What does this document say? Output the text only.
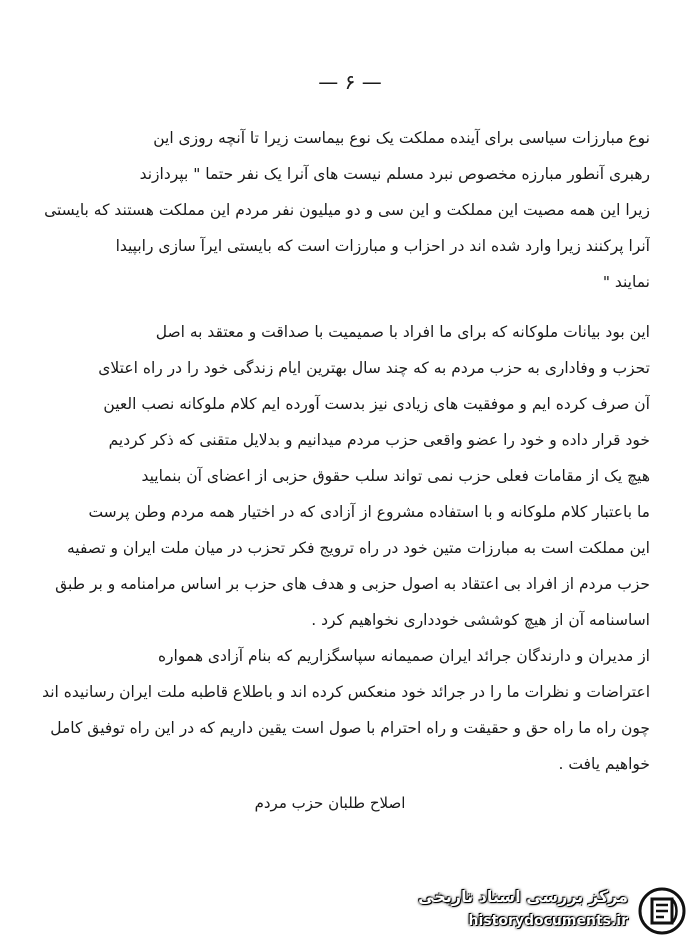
— ۶ —
نوع مبارزات سیاسی برای آینده مملکت یک نوع بیماست زیرا تا آنچه روزی این
رهبری آنطور مبارزه مخصوص نبرد مسلم نیست های آنرا یک نفر حتما " بپردازند
زیرا این همه مصیت این مملکت و این سی و دو میلیون نفر مردم این مملکت هستند که بایستی
آنرا پرکنند زیرا وارد شده اند در احزاب و مبارزات است که بایستی ایرآ سازی رابپیدا
نمایند "
این بود بیانات ملوکانه که برای ما افراد با صمیمیت با صداقت و معتقد به اصل
تحزب و وفاداری به حزب مردم به که چند سال بهترین ایام زندگی خود را در راه اعتلای
آن صرف کرده ایم و موفقیت های زیادی نیز بدست آورده ایم کلام ملوکانه نصب العین
خود قرار داده و خود را عضو واقعی حزب مردم میدانیم و بدلایل متقنی که ذکر کردیم
هیچ یک از مقامات فعلی حزب نمی تواند سلب حقوق حزبی از اعضای آن بنمایید
ما باعتبار کلام ملوکانه و با استفاده مشروع از آزادی که در اختیار همه مردم وطن پرست
این مملکت است به مبارزات متین خود در راه ترویج فکر تحزب در میان ملت ایران و تصفیه
حزب مردم از افراد بی اعتقاد به اصول حزبی و هدف های حزب بر اساس مرامنامه و بر طبق
اساسنامه آن از هیچ کوششی خودداری نخواهیم کرد .
از مدیران و دارندگان جرائد ایران صمیمانه سپاسگزاریم که بنام آزادی همواره
اعتراضات و نظرات ما را در جرائد خود منعکس کرده اند و باطلاع قاطبه ملت ایران رسانیده اند
چون راه ما راه حق و حقیقت و راه احترام با صول است یقین داریم که در این راه توفیق کامل
خواهیم یافت .
اصلاح طلبان حزب مردم
مرکز بررسی اسناد تاریخی
historydocuments.ir
